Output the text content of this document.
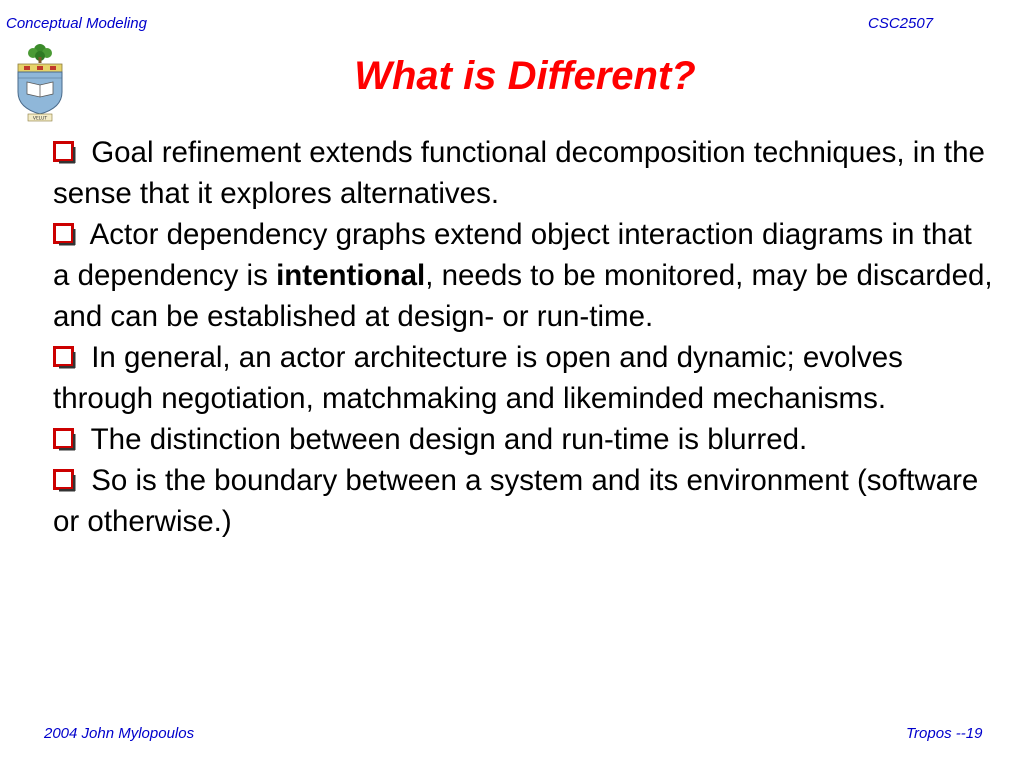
Conceptual Modeling	CSC2507
VELUT
What is Different?

Goal refinement extends functional decomposition techniques, in the sense that it explores alternatives.

Actor dependency graphs extend object interaction diagrams in that a dependency is intentional, needs to be monitored, may be discarded, and can be established at design- or run-time.

In general, an actor architecture is open and dynamic; evolves through negotiation, matchmaking and likeminded mechanisms.

The distinction between design and run-time is blurred.

So is the boundary between a system and its environment (software or otherwise.)

2004 John Mylopoulos	Tropos --19
